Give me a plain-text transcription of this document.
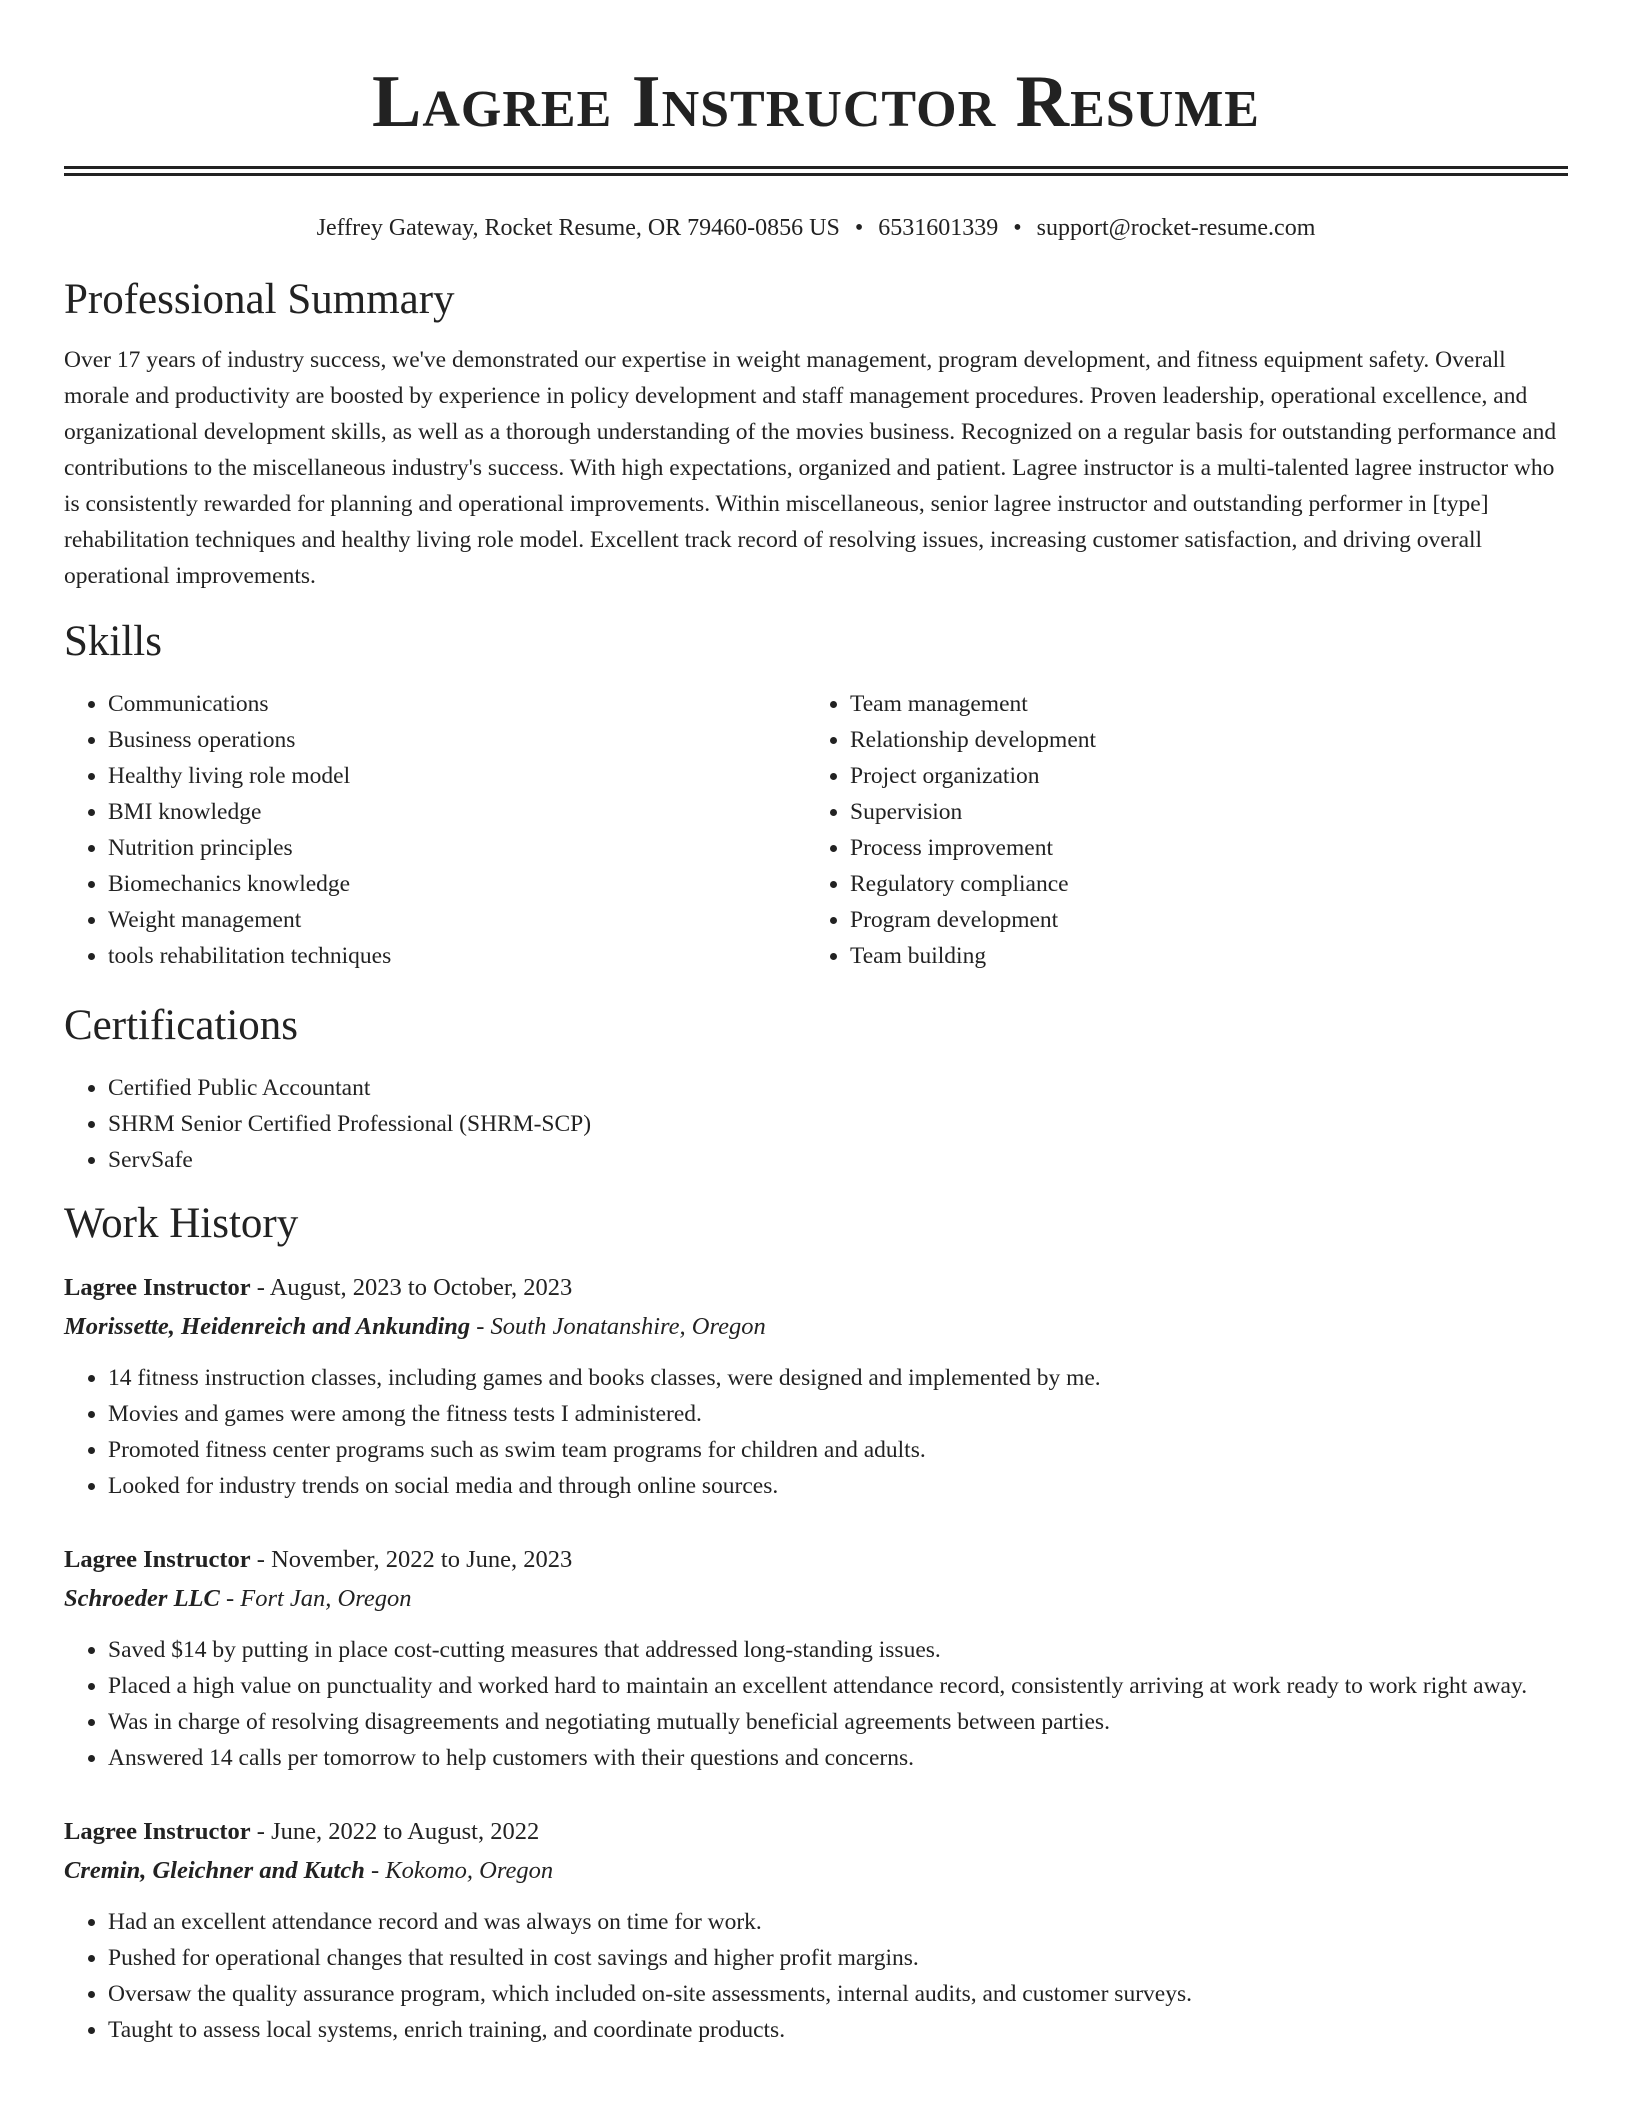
Lagree Instructor Resume
Jeffrey Gateway, Rocket Resume, OR 79460-0856 US • 6531601339 • support@rocket-resume.com
Professional Summary
Over 17 years of industry success, we've demonstrated our expertise in weight management, program development, and fitness equipment safety. Overall morale and productivity are boosted by experience in policy development and staff management procedures. Proven leadership, operational excellence, and organizational development skills, as well as a thorough understanding of the movies business. Recognized on a regular basis for outstanding performance and contributions to the miscellaneous industry's success. With high expectations, organized and patient. Lagree instructor is a multi-talented lagree instructor who is consistently rewarded for planning and operational improvements. Within miscellaneous, senior lagree instructor and outstanding performer in [type] rehabilitation techniques and healthy living role model. Excellent track record of resolving issues, increasing customer satisfaction, and driving overall operational improvements.
Skills
• Communications
• Business operations
• Healthy living role model
• BMI knowledge
• Nutrition principles
• Biomechanics knowledge
• Weight management
• tools rehabilitation techniques
• Team management
• Relationship development
• Project organization
• Supervision
• Process improvement
• Regulatory compliance
• Program development
• Team building
Certifications
• Certified Public Accountant
• SHRM Senior Certified Professional (SHRM-SCP)
• ServSafe
Work History
Lagree Instructor - August, 2023 to October, 2023
Morissette, Heidenreich and Ankunding - South Jonatanshire, Oregon
• 14 fitness instruction classes, including games and books classes, were designed and implemented by me.
• Movies and games were among the fitness tests I administered.
• Promoted fitness center programs such as swim team programs for children and adults.
• Looked for industry trends on social media and through online sources.
Lagree Instructor - November, 2022 to June, 2023
Schroeder LLC - Fort Jan, Oregon
• Saved $14 by putting in place cost-cutting measures that addressed long-standing issues.
• Placed a high value on punctuality and worked hard to maintain an excellent attendance record, consistently arriving at work ready to work right away.
• Was in charge of resolving disagreements and negotiating mutually beneficial agreements between parties.
• Answered 14 calls per tomorrow to help customers with their questions and concerns.
Lagree Instructor - June, 2022 to August, 2022
Cremin, Gleichner and Kutch - Kokomo, Oregon
• Had an excellent attendance record and was always on time for work.
• Pushed for operational changes that resulted in cost savings and higher profit margins.
• Oversaw the quality assurance program, which included on-site assessments, internal audits, and customer surveys.
• Taught to assess local systems, enrich training, and coordinate products.
